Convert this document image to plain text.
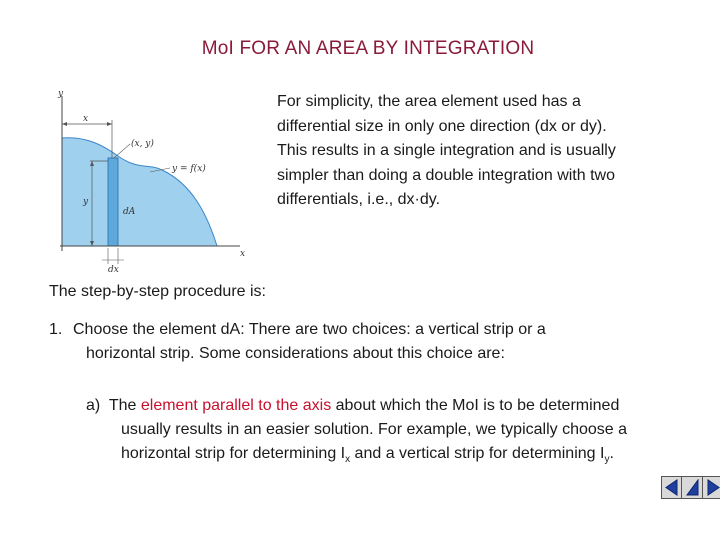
MoI FOR AN AREA BY INTEGRATION
y
x
x
(x, y)
y = f(x)
y
dA
dx
For simplicity, the area element used has a
differential size in only one direction (dx or dy).
This results in a single integration and is usually
simpler than doing a double integration with two
differentials, i.e., dx·dy.
The step-by-step procedure is:
1. Choose the element dA: There are two choices: a vertical strip or a
horizontal strip. Some considerations about this choice are:
a) The element parallel to the axis about which the MoI is to be determined
usually results in an easier solution. For example, we typically choose a
horizontal strip for determining $I_x$ and a vertical strip for determining $I_y$.
